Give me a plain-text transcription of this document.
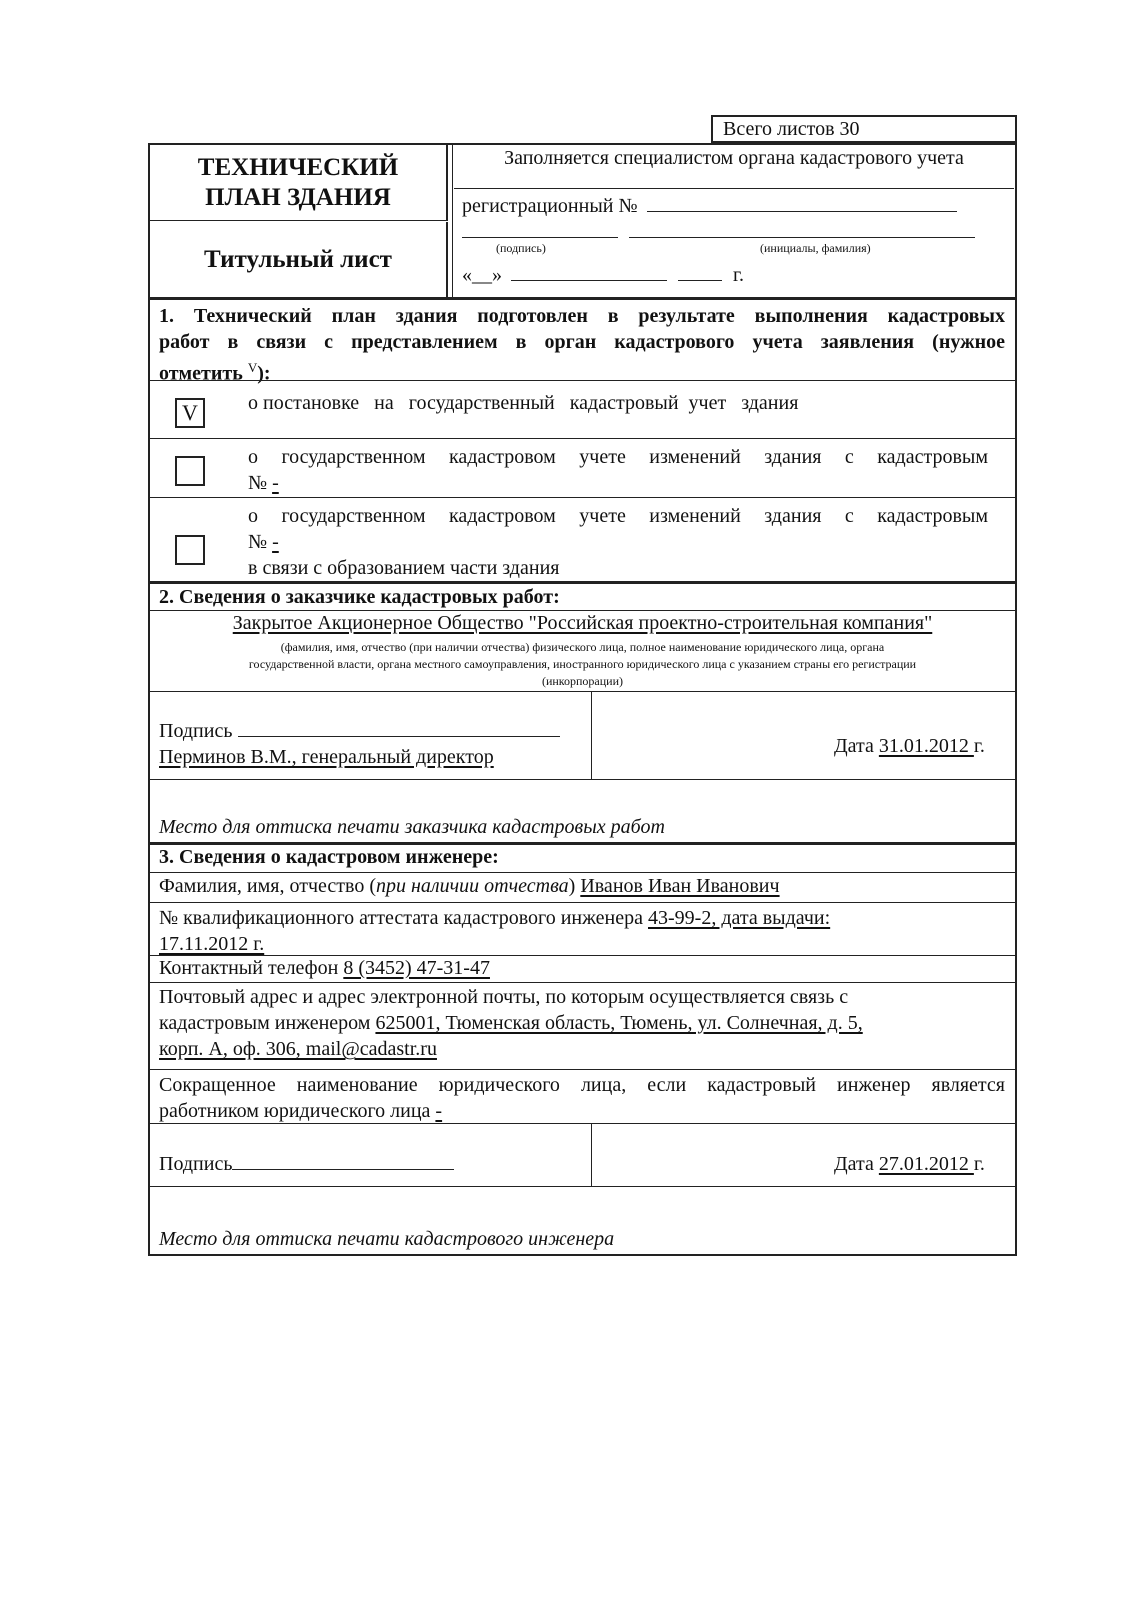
Всего листов 30
ТЕХНИЧЕСКИЙ
ПЛАН ЗДАНИЯ
Титульный лист
Заполняется специалистом органа кадастрового учета
регистрационный №
(подпись)	(инициалы, фамилия)
«__»	г.
1. Технический план здания подготовлен в результате выполнения кадастровых
работ в связи с представлением в орган кадастрового учета заявления (нужное
отметить $^V$):
V	о постановке   на   государственный   кадастровый  учет   здания
о государственном кадастровом учете изменений здания с кадастровым
№ -
о государственном кадастровом учете изменений здания с кадастровым
№ -
в связи с образованием части здания
2. Сведения о заказчике кадастровых работ:
Закрытое Акционерное Общество "Российская проектно-строительная компания"
(фамилия, имя, отчество (при наличии отчества) физического лица, полное наименование юридического лица, органа
государственной власти, органа местного самоуправления, иностранного юридического лица с указанием страны его регистрации
(инкорпорации)
Подпись
Перминов В.М., генеральный директор	Дата 31.01.2012 г.
Место для оттиска печати заказчика кадастровых работ
3. Сведения о кадастровом инженере:
Фамилия, имя, отчество (при наличии отчества) Иванов Иван Иванович
№ квалификационного аттестата кадастрового инженера 43-99-2, дата выдачи:
17.11.2012 г.
Контактный телефон 8 (3452) 47-31-47
Почтовый адрес и адрес электронной почты, по которым осуществляется связь с
кадастровым инженером 625001, Тюменская область, Тюмень, ул. Солнечная, д. 5,
корп. А, оф. 306, mail@cadastr.ru
Сокращенное наименование юридического лица, если кадастровый инженер является
работником юридического лица -
Подпись	Дата 27.01.2012 г.
Место для оттиска печати кадастрового инженера
